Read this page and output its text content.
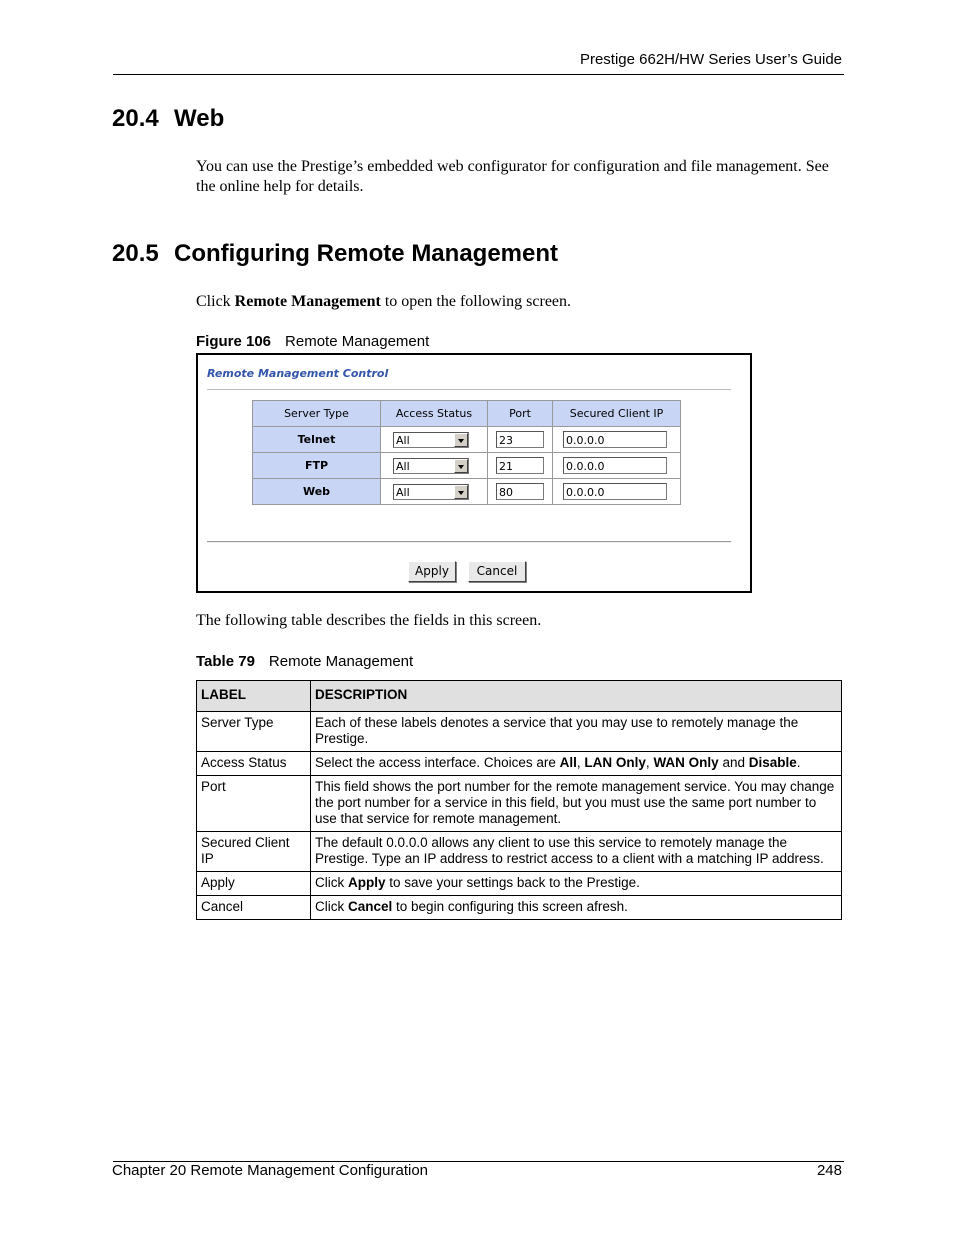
Prestige 662H/HW Series User’s Guide
20.4 Web
You can use the Prestige’s embedded web configurator for configuration and file management. See the online help for details.
20.5 Configuring Remote Management
Click Remote Management to open the following screen.
Figure 106 Remote Management
Remote Management Control
Server Type	Access Status	Port	Secured Client IP
Telnet	All	23	0.0.0.0
FTP	All	21	0.0.0.0
Web	All	80	0.0.0.0
Apply	Cancel
The following table describes the fields in this screen.
Table 79 Remote Management
LABEL	DESCRIPTION
Server Type	Each of these labels denotes a service that you may use to remotely manage the Prestige.
Access Status	Select the access interface. Choices are All, LAN Only, WAN Only and Disable.
Port	This field shows the port number for the remote management service. You may change the port number for a service in this field, but you must use the same port number to use that service for remote management.
Secured Client IP	The default 0.0.0.0 allows any client to use this service to remotely manage the Prestige. Type an IP address to restrict access to a client with a matching IP address.
Apply	Click Apply to save your settings back to the Prestige.
Cancel	Click Cancel to begin configuring this screen afresh.
Chapter 20 Remote Management Configuration	248
